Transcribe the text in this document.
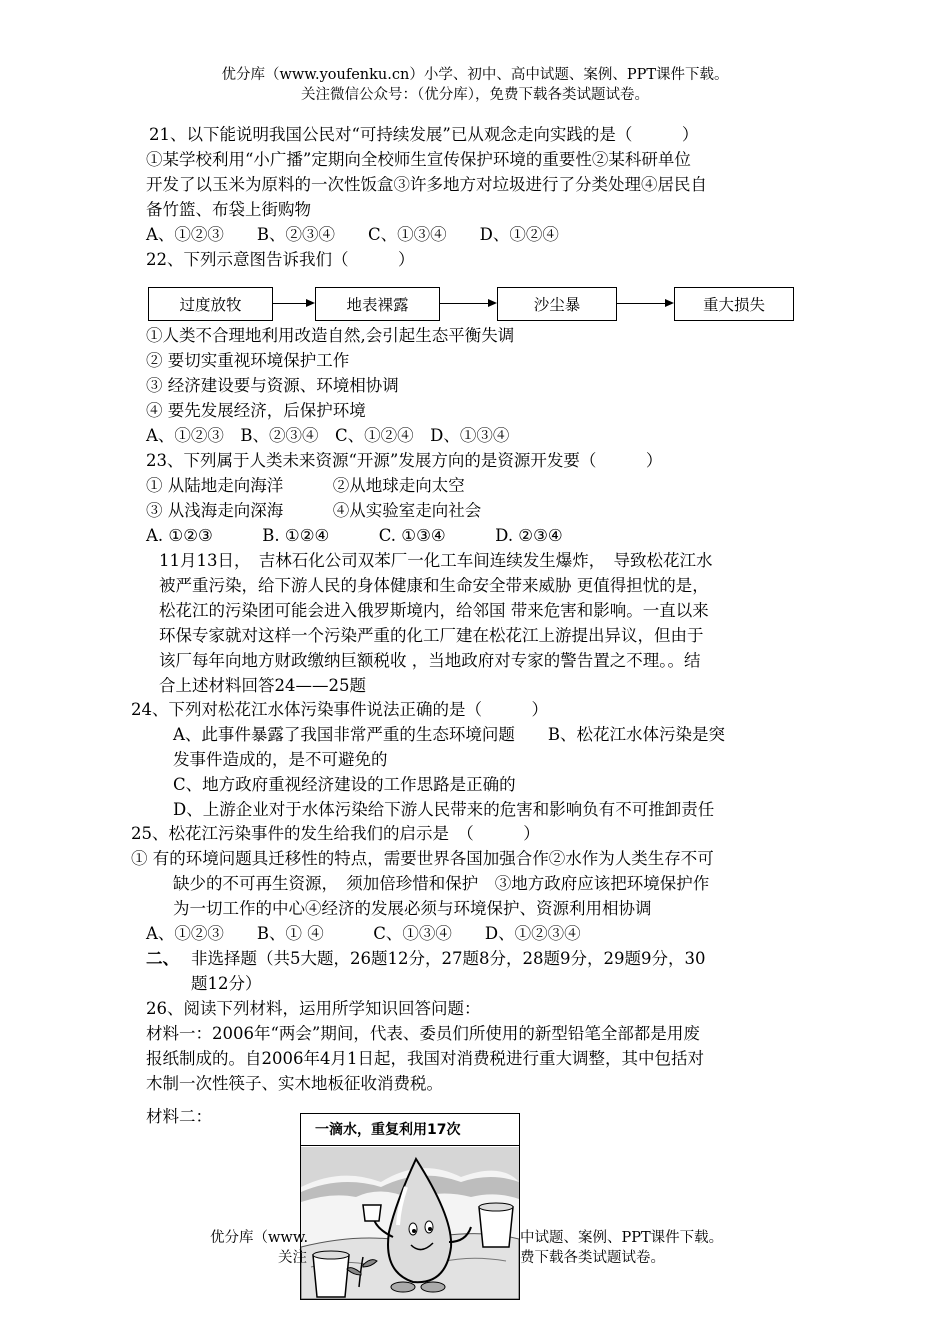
优分库（www.youfenku.cn）小学、初中、高中试题、案例、PPT课件下载。
关注微信公众号：（优分库），免费下载各类试题试卷。
21、以下能说明我国公民对“可持续发展”已从观念走向实践的是（　　　）
①某学校利用“小广播”定期向全校师生宣传保护环境的重要性②某科研单位
开发了以玉米为原料的一次性饭盒③许多地方对垃圾进行了分类处理④居民自
备竹篮、布袋上街购物
A、①②③　　B、②③④　　C、①③④　　D、①②④
22、下列示意图告诉我们（　　　）
过度放牧	地表裸露	沙尘暴	重大损失
①人类不合理地利用改造自然,会引起生态平衡失调
② 要切实重视环境保护工作
③ 经济建设要与资源、环境相协调
④ 要先发展经济，后保护环境
A、①②③　B、②③④　C、①②④　D、①③④
23、下列属于人类未来资源“开源”发展方向的是资源开发要（　　　）
① 从陆地走向海洋　　　②从地球走向太空
③ 从浅海走向深海　　　④从实验室走向社会
A. ①②③　　　B. ①②④　　　C. ①③④　　　D. ②③④
11月13日，　吉林石化公司双苯厂一化工车间连续发生爆炸，　导致松花江水
被严重污染，给下游人民的身体健康和生命安全带来威胁 更值得担忧的是，
松花江的污染团可能会进入俄罗斯境内，给邻国 带来危害和影响。一直以来
环保专家就对这样一个污染严重的化工厂建在松花江上游提出异议，但由于
该厂每年向地方财政缴纳巨额税收 ，当地政府对专家的警告置之不理。。结
合上述材料回答24——25题
24、下列对松花江水体污染事件说法正确的是（　　　）
A、此事件暴露了我国非常严重的生态环境问题　　B、松花江水体污染是突
发事件造成的，是不可避免的
C、地方政府重视经济建设的工作思路是正确的
D、上游企业对于水体污染给下游人民带来的危害和影响负有不可推卸责任
25、松花江污染事件的发生给我们的启示是　（　　　）
① 有的环境问题具迁移性的特点，需要世界各国加强合作②水作为人类生存不可
缺少的不可再生资源，　须加倍珍惜和保护　③地方政府应该把环境保护作
为一切工作的中心④经济的发展必须与环境保护、资源利用相协调
A、①②③　　B、① ④　　　C、①③④　　D、①②③④
二、 非选择题（共5大题，26题12分，27题8分，28题9分，29题9分，30
题12分）
26、阅读下列材料，运用所学知识回答问题：
材料一：2006年“两会”期间，代表、委员们所使用的新型铅笔全部都是用废
报纸制成的。自2006年4月1日起，我国对消费税进行重大调整，其中包括对
木制一次性筷子、实木地板征收消费税。
材料二：
一滴水，重复利用17次
优分库（www.	中试题、案例、PPT课件下载。
关注	费下载各类试题试卷。
